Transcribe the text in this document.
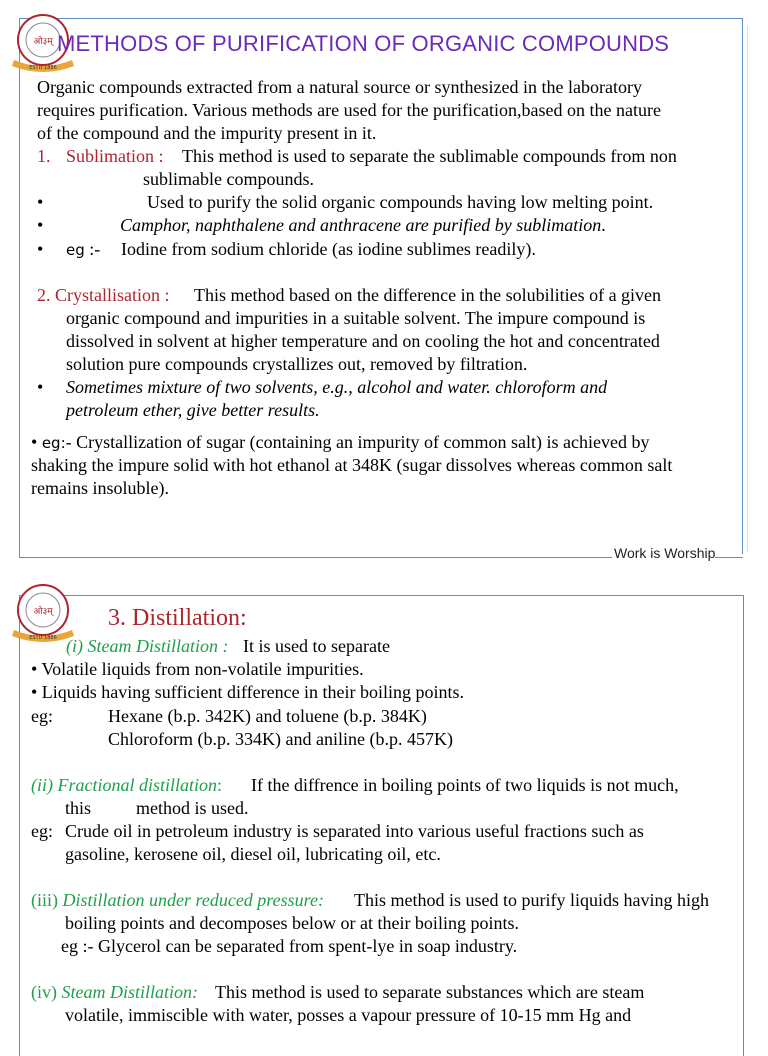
ओ३म्
ESTD 1886
METHODS OF PURIFICATION OF ORGANIC COMPOUNDS
Organic compounds extracted from a natural source or synthesized in the laboratory
requires purification. Various methods are used for the purification,based on the nature
of the compound and the impurity present in it.
1. Sublimation : This method is used to separate the sublimable compounds from non
sublimable compounds.
•	Used to purify the solid organic compounds having low melting point.
•	Camphor, naphthalene and anthracene are purified by sublimation.
• eg :- Iodine from sodium chloride (as iodine sublimes readily).
2. Crystallisation : This method based on the difference in the solubilities of a given
organic compound and impurities in a suitable solvent. The impure compound is
dissolved in solvent at higher temperature and on cooling the hot and concentrated
solution pure compounds crystallizes out, removed by filtration.
• Sometimes mixture of two solvents, e.g., alcohol and water. chloroform and
petroleum ether, give better results.
• eg:- Crystallization of sugar (containing an impurity of common salt) is achieved by
shaking the impure solid with hot ethanol at 348K (sugar dissolves whereas common salt
remains insoluble).
Work is Worship
ओ३म्
ESTD 1886
3. Distillation:
(i) Steam Distillation : It is used to separate
• Volatile liquids from non-volatile impurities.
• Liquids having sufficient difference in their boiling points.
eg:	Hexane (b.p. 342K) and toluene (b.p. 384K)
Chloroform (b.p. 334K) and aniline (b.p. 457K)
(ii) Fractional distillation: If the diffrence in boiling points of two liquids is not much,
this          method is used.
eg: Crude oil in petroleum industry is separated into various useful fractions such as
gasoline, kerosene oil, diesel oil, lubricating oil, etc.
(iii) Distillation under reduced pressure: This method is used to purify liquids having high
boiling points and decomposes below or at their boiling points.
eg :- Glycerol can be separated from spent-lye in soap industry.
(iv) Steam Distillation: This method is used to separate substances which are steam
volatile, immiscible with water, posses a vapour pressure of 10-15 mm Hg and
